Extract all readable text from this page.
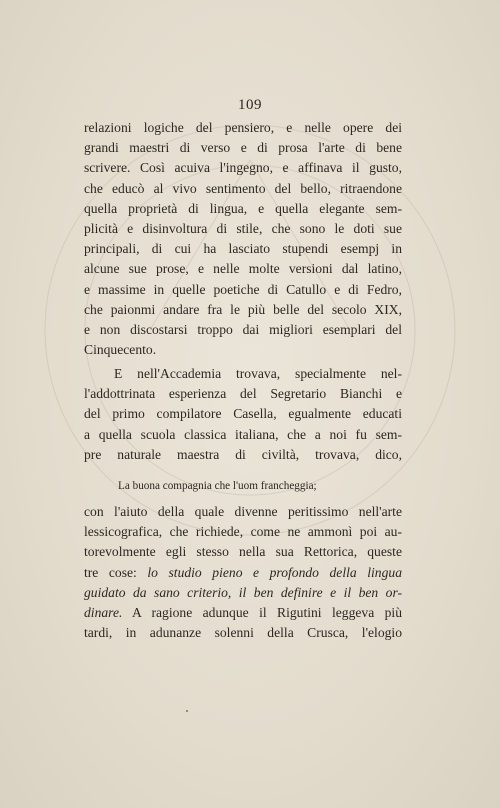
109
relazioni logiche del pensiero, e nelle opere dei
grandi maestri di verso e di prosa l'arte di bene
scrivere. Così acuiva l'ingegno, e affinava il gusto,
che educò al vivo sentimento del bello, ritraendone
quella proprietà di lingua, e quella elegante sem-
plicità e disinvoltura di stile, che sono le doti sue
principali, di cui ha lasciato stupendi esempj in
alcune sue prose, e nelle molte versioni dal latino,
e massime in quelle poetiche di Catullo e di Fedro,
che paionmi andare fra le più belle del secolo XIX,
e non discostarsi troppo dai migliori esemplari del
Cinquecento.
E nell'Accademia trovava, specialmente nel-
l'addottrinata esperienza del Segretario Bianchi e
del primo compilatore Casella, egualmente educati
a quella scuola classica italiana, che a noi fu sem-
pre naturale maestra di civiltà, trovava, dico,
La buona compagnia che l'uom francheggia;
con l'aiuto della quale divenne peritissimo nell'arte
lessicografica, che richiede, come ne ammonì poi au-
torevolmente egli stesso nella sua Rettorica, queste
tre cose: lo studio pieno e profondo della lingua
guidato da sano criterio, il ben definire e il ben or-
dinare. A ragione adunque il Rigutini leggeva più
tardi, in adunanze solenni della Crusca, l'elogio
